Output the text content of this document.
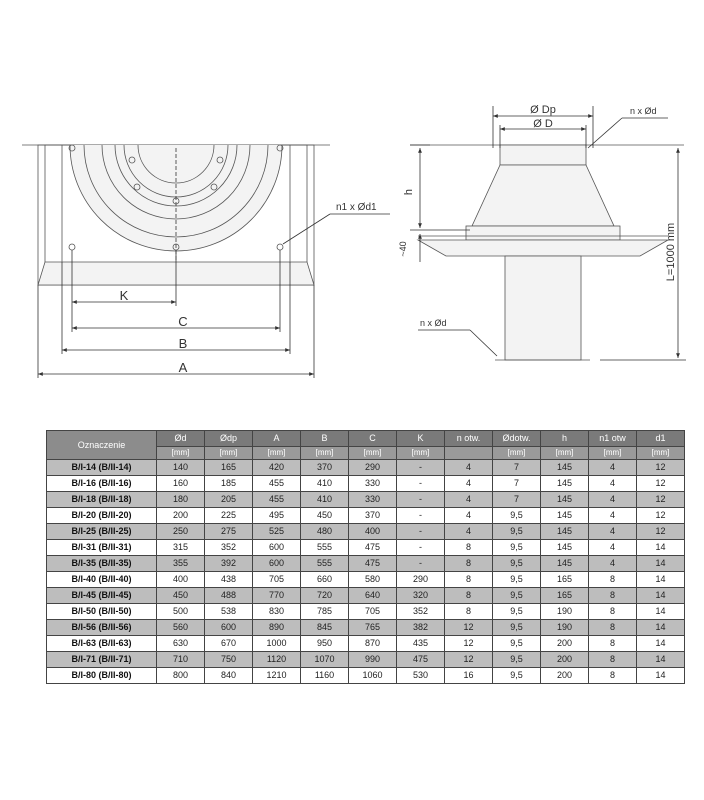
K
C
B
A
n1 x Ød1
Ø Dp
Ø D
n x Ød
n x Ød
h
~40	L=1000 mm
Oznaczenie	Ød	Ødp	A	B	C	K	n otw.	Ødotw.	h	n1 otw	d1
	[mm]	[mm]	[mm]	[mm]	[mm]	[mm]		[mm]	[mm]	[mm]	[mm]
B/I-14 (B/II-14)	140	165	420	370	290	-	4	7	145	4	12
B/I-16 (B/II-16)	160	185	455	410	330	-	4	7	145	4	12
B/I-18 (B/II-18)	180	205	455	410	330	-	4	7	145	4	12
B/I-20 (B/II-20)	200	225	495	450	370	-	4	9,5	145	4	12
B/I-25 (B/II-25)	250	275	525	480	400	-	4	9,5	145	4	12
B/I-31 (B/II-31)	315	352	600	555	475	-	8	9,5	145	4	14
B/I-35 (B/II-35)	355	392	600	555	475	-	8	9,5	145	4	14
B/I-40 (B/II-40)	400	438	705	660	580	290	8	9,5	165	8	14
B/I-45 (B/II-45)	450	488	770	720	640	320	8	9,5	165	8	14
B/I-50 (B/II-50)	500	538	830	785	705	352	8	9,5	190	8	14
B/I-56 (B/II-56)	560	600	890	845	765	382	12	9,5	190	8	14
B/I-63 (B/II-63)	630	670	1000	950	870	435	12	9,5	200	8	14
B/I-71 (B/II-71)	710	750	1120	1070	990	475	12	9,5	200	8	14
B/I-80 (B/II-80)	800	840	1210	1160	1060	530	16	9,5	200	8	14
